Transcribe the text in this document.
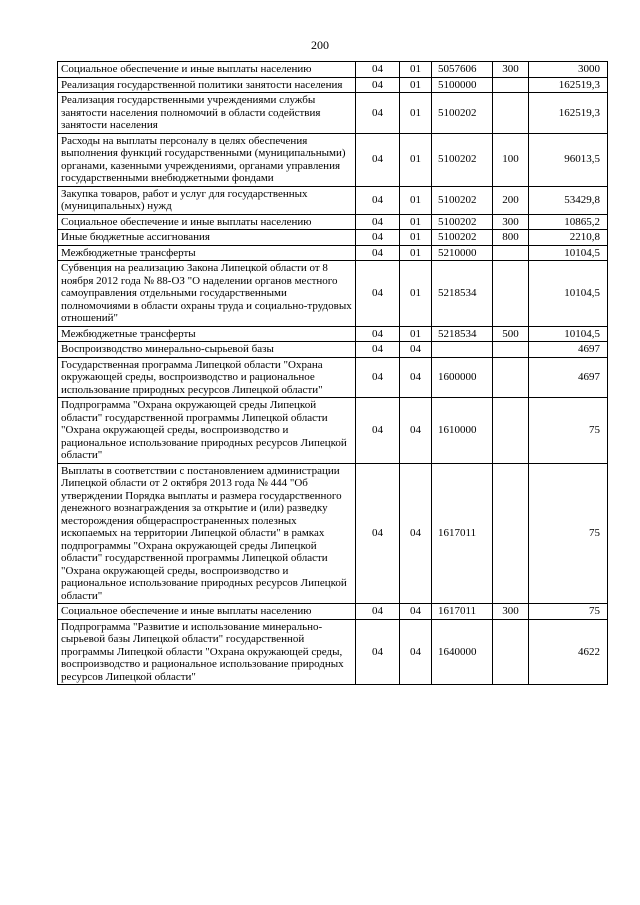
200
Социальное обеспечение и иные выплаты населению	04	01	5057606	300	3000
Реализация государственной политики занятости населения	04	01	5100000		162519,3
Реализация государственными учреждениями службы занятости населения полномочий в области содействия занятости населения	04	01	5100202		162519,3
Расходы на выплаты персоналу в целях обеспечения выполнения функций государственными (муниципальными) органами, казенными учреждениями, органами управления государственными внебюджетными фондами	04	01	5100202	100	96013,5
Закупка товаров, работ и услуг для государственных (муниципальных) нужд	04	01	5100202	200	53429,8
Социальное обеспечение и иные выплаты населению	04	01	5100202	300	10865,2
Иные бюджетные ассигнования	04	01	5100202	800	2210,8
Межбюджетные трансферты	04	01	5210000		10104,5
Субвенция на реализацию Закона Липецкой области от 8 ноября 2012 года № 88-ОЗ "О наделении органов местного самоуправления отдельными государственными полномочиями в области охраны труда и социально-трудовых отношений"	04	01	5218534		10104,5
Межбюджетные трансферты	04	01	5218534	500	10104,5
Воспроизводство минерально-сырьевой базы	04	04			4697
Государственная программа Липецкой области "Охрана окружающей среды, воспроизводство и рациональное использование природных ресурсов Липецкой области"	04	04	1600000		4697
Подпрограмма "Охрана окружающей среды Липецкой области" государственной программы Липецкой области "Охрана окружающей среды, воспроизводство и рациональное использование природных ресурсов Липецкой области"	04	04	1610000		75
Выплаты в соответствии с постановлением администрации Липецкой области от 2 октября 2013 года № 444 "Об утверждении Порядка выплаты и размера государственного денежного вознаграждения за открытие и (или) разведку месторождения общераспространенных полезных ископаемых на территории Липецкой области" в рамках подпрограммы "Охрана окружающей среды Липецкой области" государственной программы Липецкой области "Охрана окружающей среды, воспроизводство и рациональное использование природных ресурсов Липецкой области"	04	04	1617011		75
Социальное обеспечение и иные выплаты населению	04	04	1617011	300	75
Подпрограмма "Развитие и использование минерально-сырьевой базы Липецкой области" государственной программы Липецкой области "Охрана окружающей среды, воспроизводство и рациональное использование природных ресурсов Липецкой области"	04	04	1640000		4622
